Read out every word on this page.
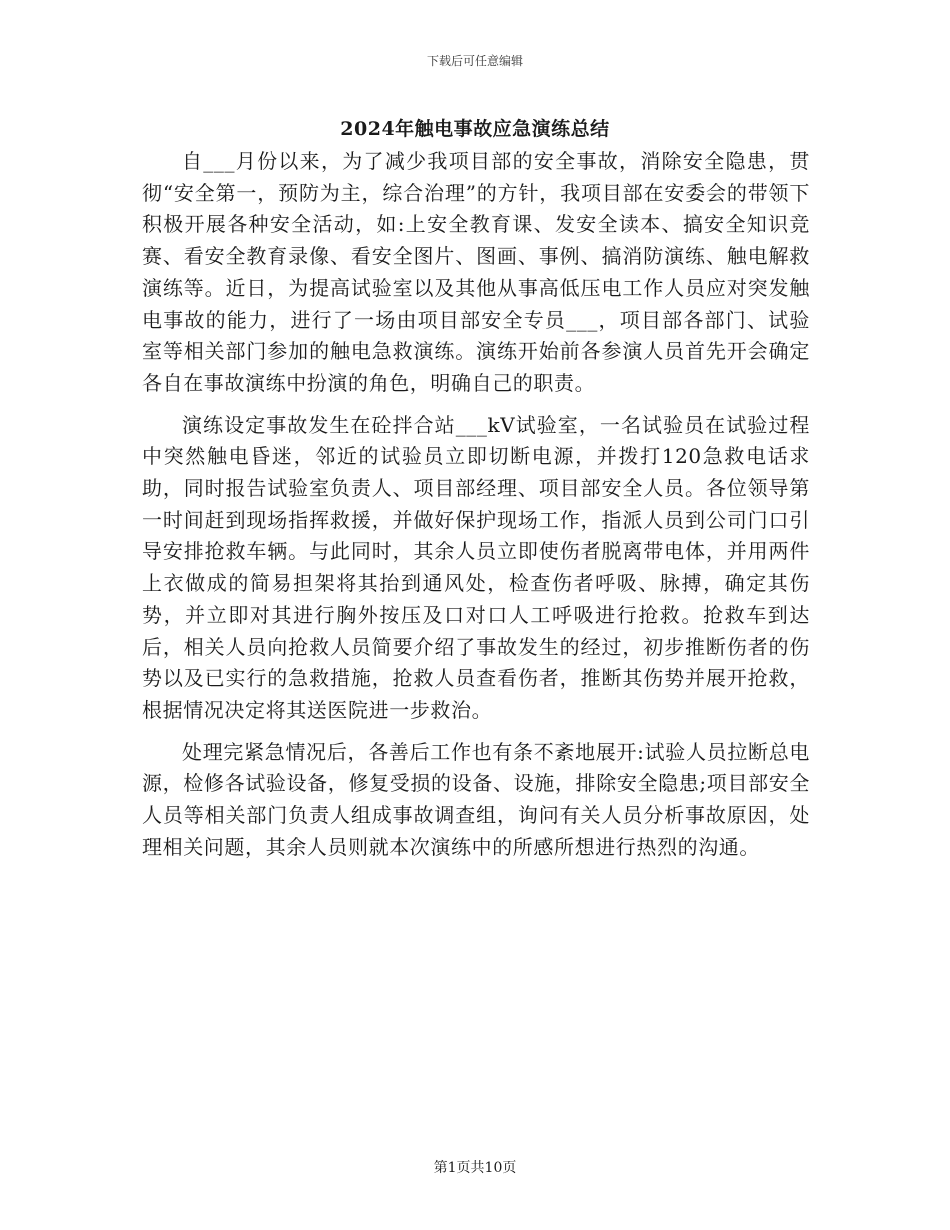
下载后可任意编辑
2024年触电事故应急演练总结

自___月份以来，为了减少我项目部的安全事故，消除安全隐患，贯彻“安全第一，预防为主，综合治理”的方针，我项目部在安委会的带领下积极开展各种安全活动，如:上安全教育课、发安全读本、搞安全知识竞赛、看安全教育录像、看安全图片、图画、事例、搞消防演练、触电解救演练等。近日，为提高试验室以及其他从事高低压电工作人员应对突发触电事故的能力，进行了一场由项目部安全专员___，项目部各部门、试验室等相关部门参加的触电急救演练。演练开始前各参演人员首先开会确定各自在事故演练中扮演的角色，明确自己的职责。

演练设定事故发生在砼拌合站___kV试验室，一名试验员在试验过程中突然触电昏迷，邻近的试验员立即切断电源，并拨打120急救电话求助，同时报告试验室负责人、项目部经理、项目部安全人员。各位领导第一时间赶到现场指挥救援，并做好保护现场工作，指派人员到公司门口引导安排抢救车辆。与此同时，其余人员立即使伤者脱离带电体，并用两件上衣做成的简易担架将其抬到通风处，检查伤者呼吸、脉搏，确定其伤势，并立即对其进行胸外按压及口对口人工呼吸进行抢救。抢救车到达后，相关人员向抢救人员简要介绍了事故发生的经过，初步推断伤者的伤势以及已实行的急救措施，抢救人员查看伤者，推断其伤势并展开抢救，根据情况决定将其送医院进一步救治。

处理完紧急情况后，各善后工作也有条不紊地展开:试验人员拉断总电源，检修各试验设备，修复受损的设备、设施，排除安全隐患;项目部安全人员等相关部门负责人组成事故调查组，询问有关人员分析事故原因，处理相关问题，其余人员则就本次演练中的所感所想进行热烈的沟通。

第1页共10页
